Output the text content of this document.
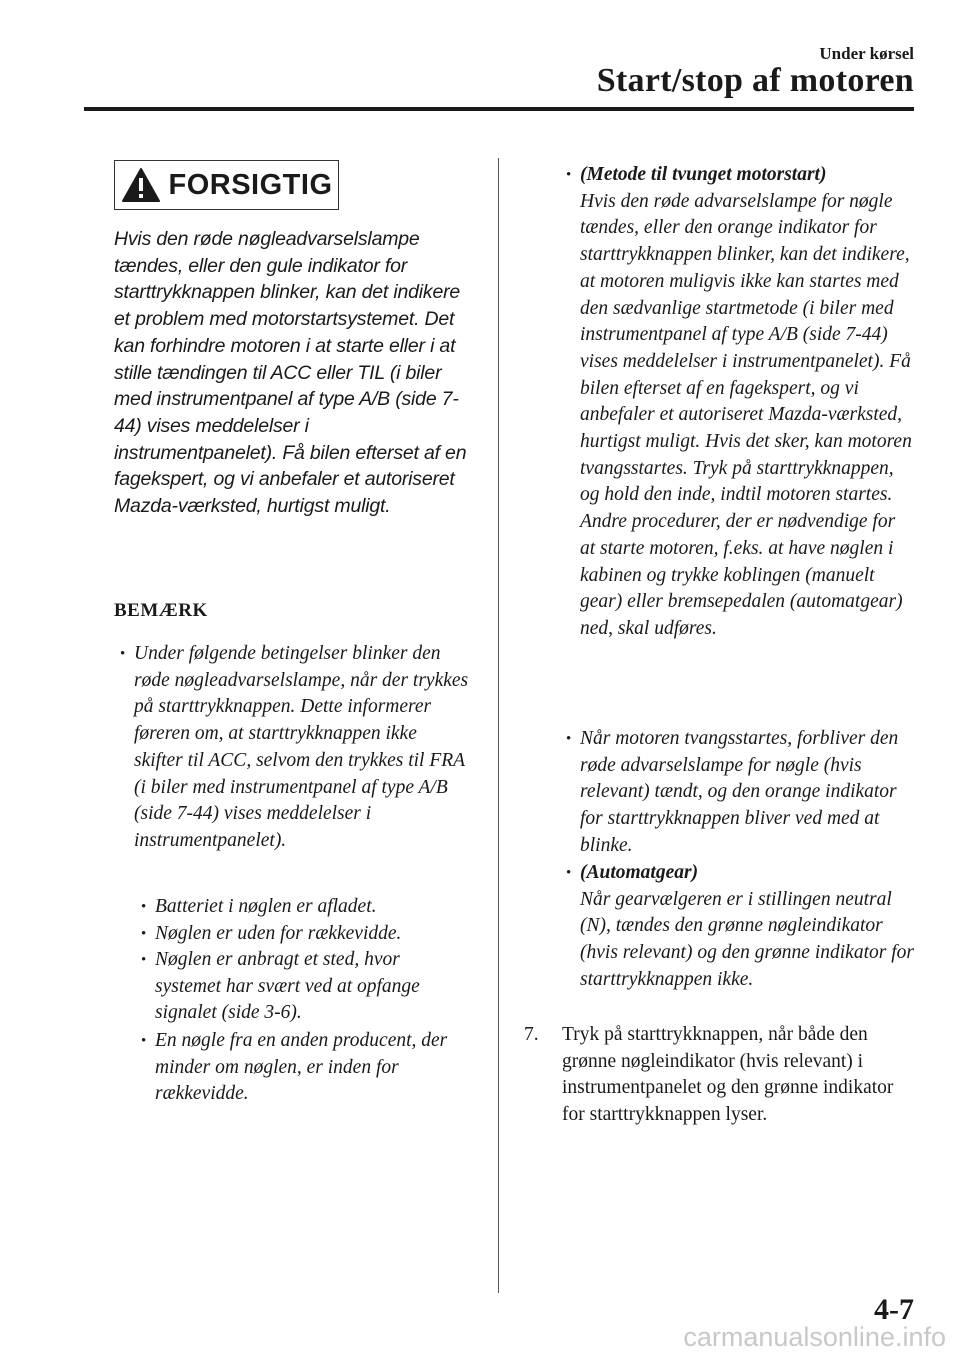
Under kørsel
Start/stop af motoren
FORSIGTIG

Hvis den røde nøgleadvarselslampe tændes, eller den gule indikator for starttrykknappen blinker, kan det indikere et problem med motorstartsystemet. Det kan forhindre motoren i at starte eller i at stille tændingen til ACC eller TIL (i biler med instrumentpanel af type A/B (side 7-44) vises meddelelser i instrumentpanelet). Få bilen efterset af en fagekspert, og vi anbefaler et autoriseret Mazda-værksted, hurtigst muligt.

BEMÆRK

• Under følgende betingelser blinker den røde nøgleadvarselslampe, når der trykkes på starttrykknappen. Dette informerer føreren om, at starttrykknappen ikke skifter til ACC, selvom den trykkes til FRA (i biler med instrumentpanel af type A/B (side 7-44) vises meddelelser i instrumentpanelet).

• Batteriet i nøglen er afladet.

• Nøglen er uden for rækkevidde.

• Nøglen er anbragt et sted, hvor systemet har svært ved at opfange signalet (side 3-6).

• En nøgle fra en anden producent, der minder om nøglen, er inden for rækkevidde.

• (Metode til tvunget motorstart)
Hvis den røde advarselslampe for nøgle tændes, eller den orange indikator for starttrykknappen blinker, kan det indikere, at motoren muligvis ikke kan startes med den sædvanlige startmetode (i biler med instrumentpanel af type A/B (side 7-44) vises meddelelser i instrumentpanelet). Få bilen efterset af en fagekspert, og vi anbefaler et autoriseret Mazda-værksted, hurtigst muligt. Hvis det sker, kan motoren tvangsstartes. Tryk på starttrykknappen, og hold den inde, indtil motoren startes. Andre procedurer, der er nødvendige for at starte motoren, f.eks. at have nøglen i kabinen og trykke koblingen (manuelt gear) eller bremsepedalen (automatgear) ned, skal udføres.

• Når motoren tvangsstartes, forbliver den røde advarselslampe for nøgle (hvis relevant) tændt, og den orange indikator for starttrykknappen bliver ved med at blinke.

• (Automatgear)
Når gearvælgeren er i stillingen neutral (N), tændes den grønne nøgleindikator (hvis relevant) og den grønne indikator for starttrykknappen ikke.

7. Tryk på starttrykknappen, når både den grønne nøgleindikator (hvis relevant) i instrumentpanelet og den grønne indikator for starttrykknappen lyser.

4-7
carmanualsonline.info
